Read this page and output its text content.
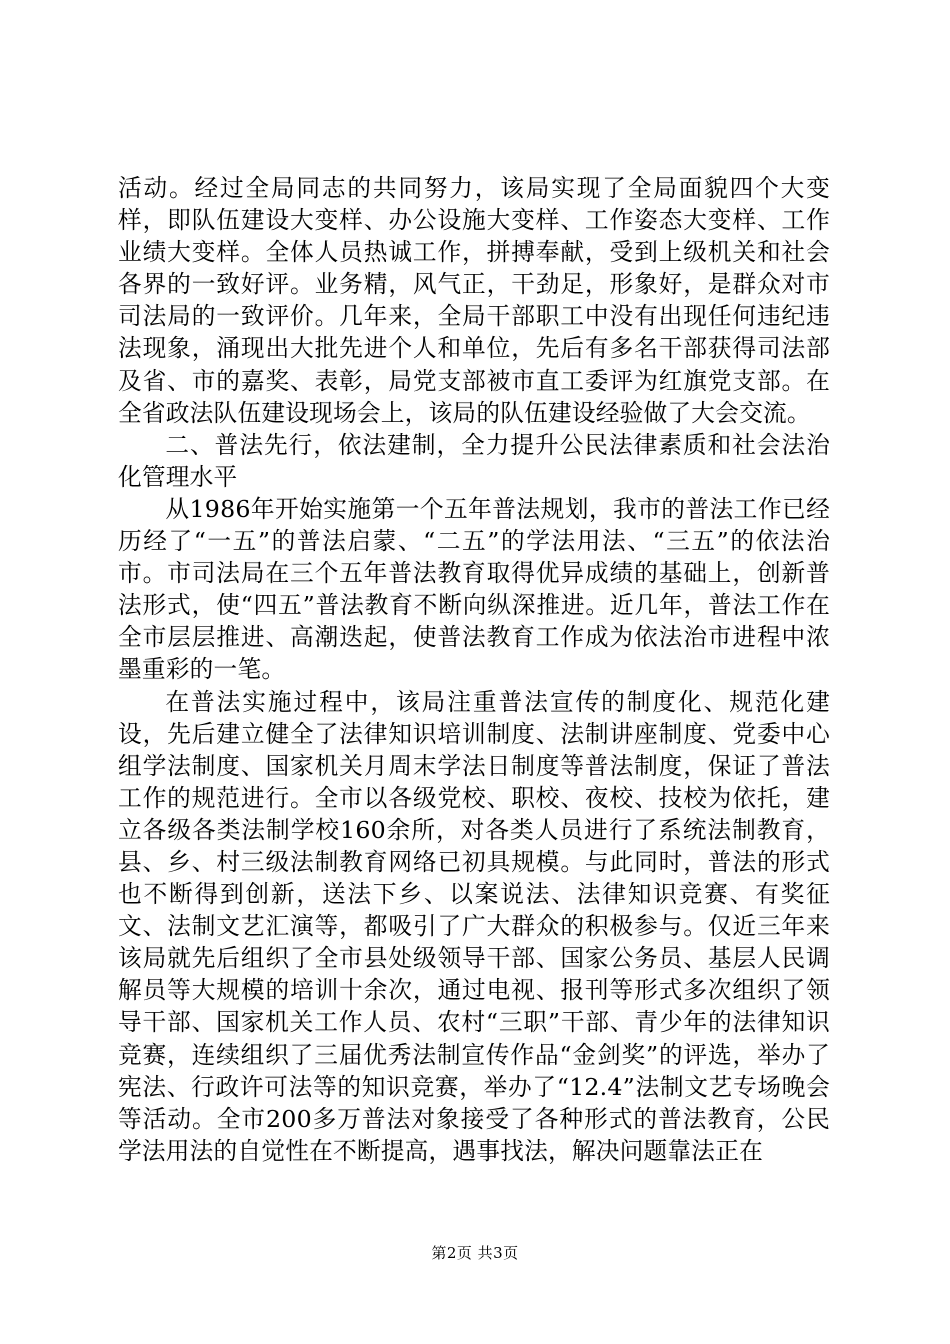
活动。经过全局同志的共同努力，该局实现了全局面貌四个大变样，即队伍建设大变样、办公设施大变样、工作姿态大变样、工作业绩大变样。全体人员热诚工作，拼搏奉献，受到上级机关和社会各界的一致好评。业务精，风气正，干劲足，形象好，是群众对市司法局的一致评价。几年来，全局干部职工中没有出现任何违纪违法现象，涌现出大批先进个人和单位，先后有多名干部获得司法部及省、市的嘉奖、表彰，局党支部被市直工委评为红旗党支部。在全省政法队伍建设现场会上，该局的队伍建设经验做了大会交流。

二、普法先行，依法建制，全力提升公民法律素质和社会法治化管理水平

从1986年开始实施第一个五年普法规划，我市的普法工作已经历经了“一五”的普法启蒙、“二五”的学法用法、“三五”的依法治市。市司法局在三个五年普法教育取得优异成绩的基础上，创新普法形式，使“四五”普法教育不断向纵深推进。近几年，普法工作在全市层层推进、高潮迭起，使普法教育工作成为依法治市进程中浓墨重彩的一笔。

在普法实施过程中，该局注重普法宣传的制度化、规范化建设，先后建立健全了法律知识培训制度、法制讲座制度、党委中心组学法制度、国家机关月周末学法日制度等普法制度，保证了普法工作的规范进行。全市以各级党校、职校、夜校、技校为依托，建立各级各类法制学校160余所，对各类人员进行了系统法制教育，县、乡、村三级法制教育网络已初具规模。与此同时，普法的形式也不断得到创新，送法下乡、以案说法、法律知识竞赛、有奖征文、法制文艺汇演等，都吸引了广大群众的积极参与。仅近三年来该局就先后组织了全市县处级领导干部、国家公务员、基层人民调解员等大规模的培训十余次，通过电视、报刊等形式多次组织了领导干部、国家机关工作人员、农村“三职”干部、青少年的法律知识竞赛，连续组织了三届优秀法制宣传作品“金剑奖”的评选，举办了宪法、行政许可法等的知识竞赛，举办了“12.4”法制文艺专场晚会等活动。全市200多万普法对象接受了各种形式的普法教育，公民学法用法的自觉性在不断提高，遇事找法，解决问题靠法正在

第2页 共3页
